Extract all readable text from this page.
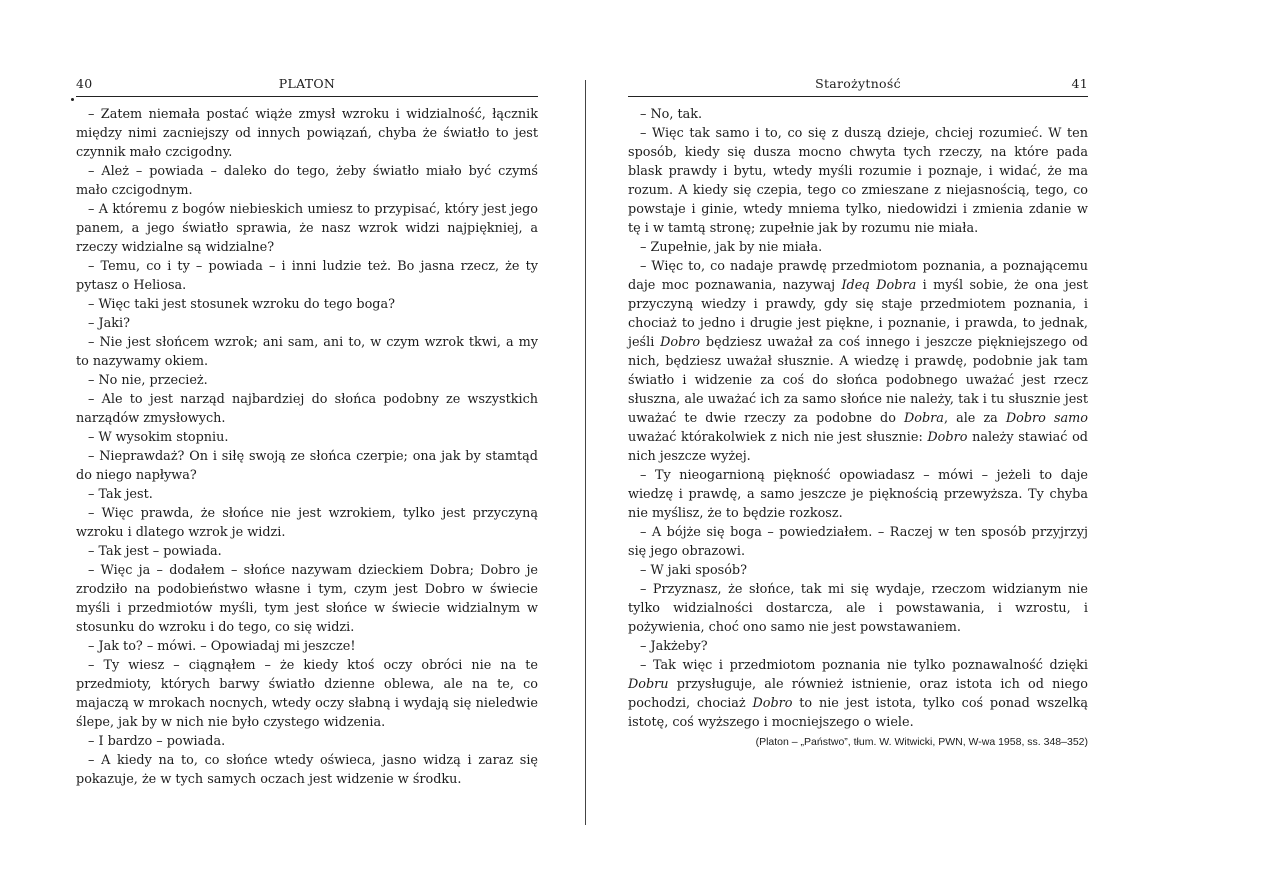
40	PLATON

– Zatem niemała postać wiąże zmysł wzroku i widzialność, łącznik między nimi zacniejszy od innych powiązań, chyba że światło to jest czynnik mało czcigodny.

– Ależ – powiada – daleko do tego, żeby światło miało być czymś mało czcigodnym.

– A któremu z bogów niebieskich umiesz to przypisać, który jest jego panem, a jego światło sprawia, że nasz wzrok widzi najpiękniej, a rzeczy widzialne są widzialne?

– Temu, co i ty – powiada – i inni ludzie też. Bo jasna rzecz, że ty pytasz o Heliosa.

– Więc taki jest stosunek wzroku do tego boga?

– Jaki?

– Nie jest słońcem wzrok; ani sam, ani to, w czym wzrok tkwi, a my to nazywamy okiem.

– No nie, przecież.

– Ale to jest narząd najbardziej do słońca podobny ze wszystkich narządów zmysłowych.

– W wysokim stopniu.

– Nieprawdaż? On i siłę swoją ze słońca czerpie; ona jak by stamtąd do niego napływa?

– Tak jest.

– Więc prawda, że słońce nie jest wzrokiem, tylko jest przyczyną wzroku i dlatego wzrok je widzi.

– Tak jest – powiada.

– Więc ja – dodałem – słońce nazywam dzieckiem Dobra; Dobro je zrodziło na podobieństwo własne i tym, czym jest Dobro w świecie myśli i przedmiotów myśli, tym jest słońce w świecie widzialnym w stosunku do wzroku i do tego, co się widzi.

– Jak to? – mówi. – Opowiadaj mi jeszcze!

– Ty wiesz – ciągnąłem – że kiedy ktoś oczy obróci nie na te przedmioty, których barwy światło dzienne oblewa, ale na te, co majaczą w mrokach nocnych, wtedy oczy słabną i wydają się nieledwie ślepe, jak by w nich nie było czystego widzenia.

– I bardzo – powiada.

– A kiedy na to, co słońce wtedy oświeca, jasno widzą i zaraz się pokazuje, że w tych samych oczach jest widzenie w środku.

Starożytność	41

– No, tak.

– Więc tak samo i to, co się z duszą dzieje, chciej rozumieć. W ten sposób, kiedy się dusza mocno chwyta tych rzeczy, na które pada blask prawdy i bytu, wtedy myśli rozumie i poznaje, i widać, że ma rozum. A kiedy się czepia, tego co zmieszane z niejasnością, tego, co powstaje i ginie, wtedy mniema tylko, niedowidzi i zmienia zdanie w tę i w tamtą stronę; zupełnie jak by rozumu nie miała.

– Zupełnie, jak by nie miała.

– Więc to, co nadaje prawdę przedmiotom poznania, a poznającemu daje moc poznawania, nazywaj Ideą Dobra i myśl sobie, że ona jest przyczyną wiedzy i prawdy, gdy się staje przedmiotem poznania, i chociaż to jedno i drugie jest piękne, i poznanie, i prawda, to jednak, jeśli Dobro będziesz uważał za coś innego i jeszcze piękniejszego od nich, będziesz uważał słusznie. A wiedzę i prawdę, podobnie jak tam światło i widzenie za coś do słońca podobnego uważać jest rzecz słuszna, ale uważać ich za samo słońce nie należy, tak i tu słusznie jest uważać te dwie rzeczy za podobne do Dobra, ale za Dobro samo uważać którakolwiek z nich nie jest słusznie: Dobro należy stawiać od nich jeszcze wyżej.

– Ty nieogarnioną piękność opowiadasz – mówi – jeżeli to daje wiedzę i prawdę, a samo jeszcze je pięknością przewyższa. Ty chyba nie myślisz, że to będzie rozkosz.

– A bójże się boga – powiedziałem. – Raczej w ten sposób przyjrzyj się jego obrazowi.

– W jaki sposób?

– Przyznasz, że słońce, tak mi się wydaje, rzeczom widzianym nie tylko widzialności dostarcza, ale i powstawania, i wzrostu, i pożywienia, choć ono samo nie jest powstawaniem.

– Jakżeby?

– Tak więc i przedmiotom poznania nie tylko poznawalność dzięki Dobru przysługuje, ale również istnienie, oraz istota ich od niego pochodzi, chociaż Dobro to nie jest istota, tylko coś ponad wszelką istotę, coś wyższego i mocniejszego o wiele.

(Platon – „Państwo”, tłum. W. Witwicki, PWN, W-wa 1958, ss. 348–352)
